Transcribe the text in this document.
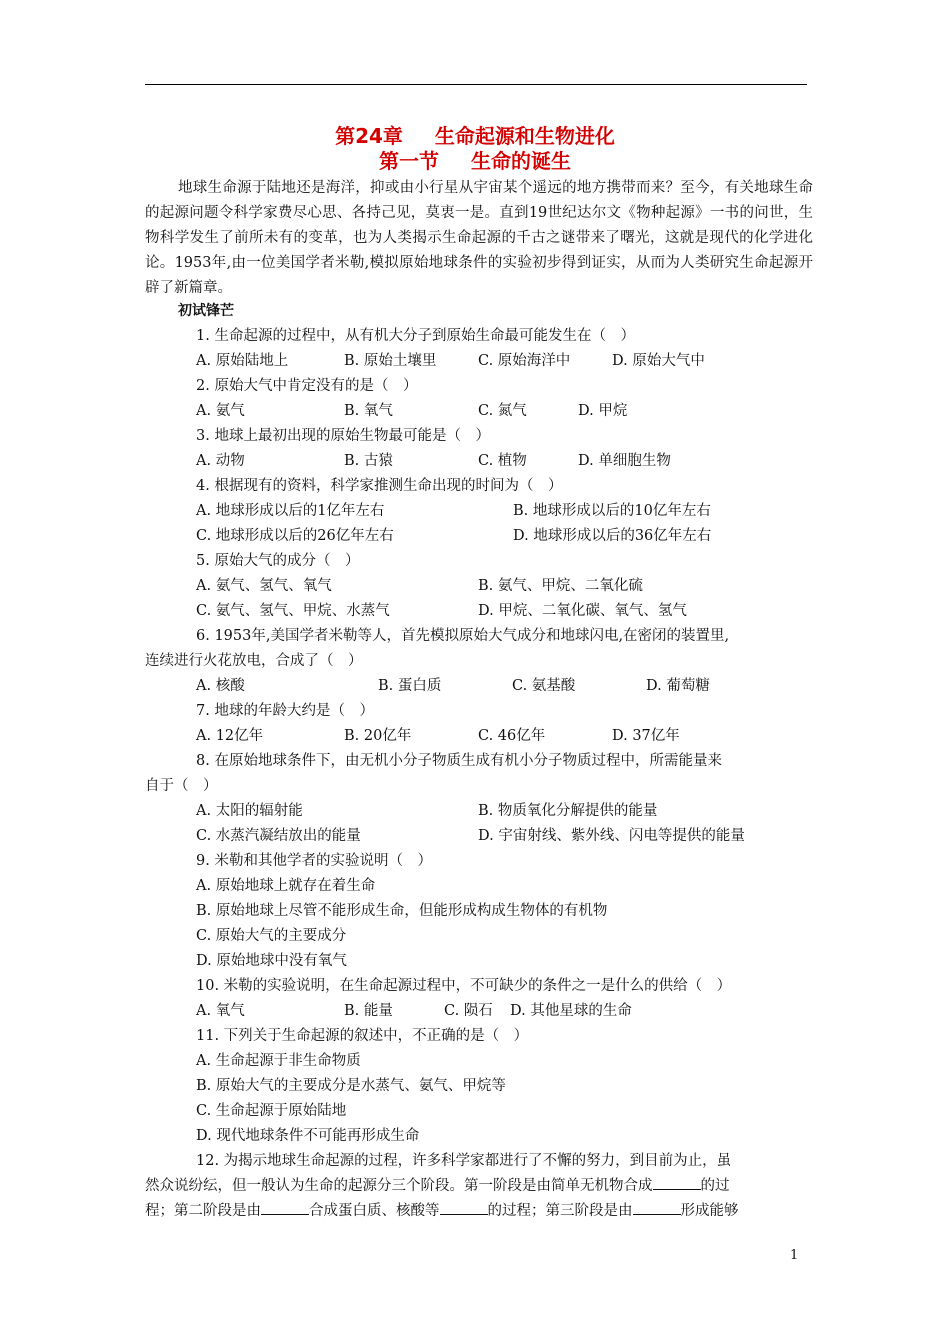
第24章 生命起源和生物进化
第一节 生命的诞生

地球生命源于陆地还是海洋，抑或由小行星从宇宙某个遥远的地方携带而来？至今，有关地球生命的起源问题令科学家费尽心思、各持己见，莫衷一是。直到19世纪达尔文《物种起源》一书的问世，生物科学发生了前所未有的变革，也为人类揭示生命起源的千古之谜带来了曙光，这就是现代的化学进化论。1953年,由一位美国学者米勒,模拟原始地球条件的实验初步得到证实，从而为人类研究生命起源开辟了新篇章。

初试锋芒
1. 生命起源的过程中，从有机大分子到原始生命最可能发生在（　）
A. 原始陆地上	B. 原始土壤里	C. 原始海洋中	D. 原始大气中
2. 原始大气中肯定没有的是（　）
A. 氨气	B. 氧气	C. 氮气	D. 甲烷
3. 地球上最初出现的原始生物最可能是（　）
A. 动物	B. 古猿	C. 植物	D. 单细胞生物
4. 根据现有的资料，科学家推测生命出现的时间为（　）
A. 地球形成以后的1亿年左右	B. 地球形成以后的10亿年左右
C. 地球形成以后的26亿年左右	D. 地球形成以后的36亿年左右
5. 原始大气的成分（　）
A. 氨气、氢气、氧气	B. 氨气、甲烷、二氧化硫
C. 氨气、氢气、甲烷、水蒸气	D. 甲烷、二氧化碳、氧气、氢气
6. 1953年,美国学者米勒等人，首先模拟原始大气成分和地球闪电,在密闭的装置里,
连续进行火花放电，合成了（　）
A. 核酸	B. 蛋白质	C. 氨基酸	D. 葡萄糖
7. 地球的年龄大约是（　）
A. 12亿年	B. 20亿年	C. 46亿年	D. 37亿年
8. 在原始地球条件下，由无机小分子物质生成有机小分子物质过程中，所需能量来
自于（　）
A. 太阳的辐射能	B. 物质氧化分解提供的能量
C. 水蒸汽凝结放出的能量	D. 宇宙射线、紫外线、闪电等提供的能量
9. 米勒和其他学者的实验说明（　）
A. 原始地球上就存在着生命
B. 原始地球上尽管不能形成生命，但能形成构成生物体的有机物
C. 原始大气的主要成分
D. 原始地球中没有氧气
10. 米勒的实验说明，在生命起源过程中，不可缺少的条件之一是什么的供给（　）
A. 氧气	B. 能量	C. 陨石 D. 其他星球的生命
11. 下列关于生命起源的叙述中，不正确的是（　）
A. 生命起源于非生命物质
B. 原始大气的主要成分是水蒸气、氨气、甲烷等
C. 生命起源于原始陆地
D. 现代地球条件不可能再形成生命
12. 为揭示地球生命起源的过程，许多科学家都进行了不懈的努力，到目前为止，虽
然众说纷纭，但一般认为生命的起源分三个阶段。第一阶段是由简单无机物合成	的过
程；第二阶段是由	合成蛋白质、核酸等	的过程；第三阶段是由	形成能够
1
